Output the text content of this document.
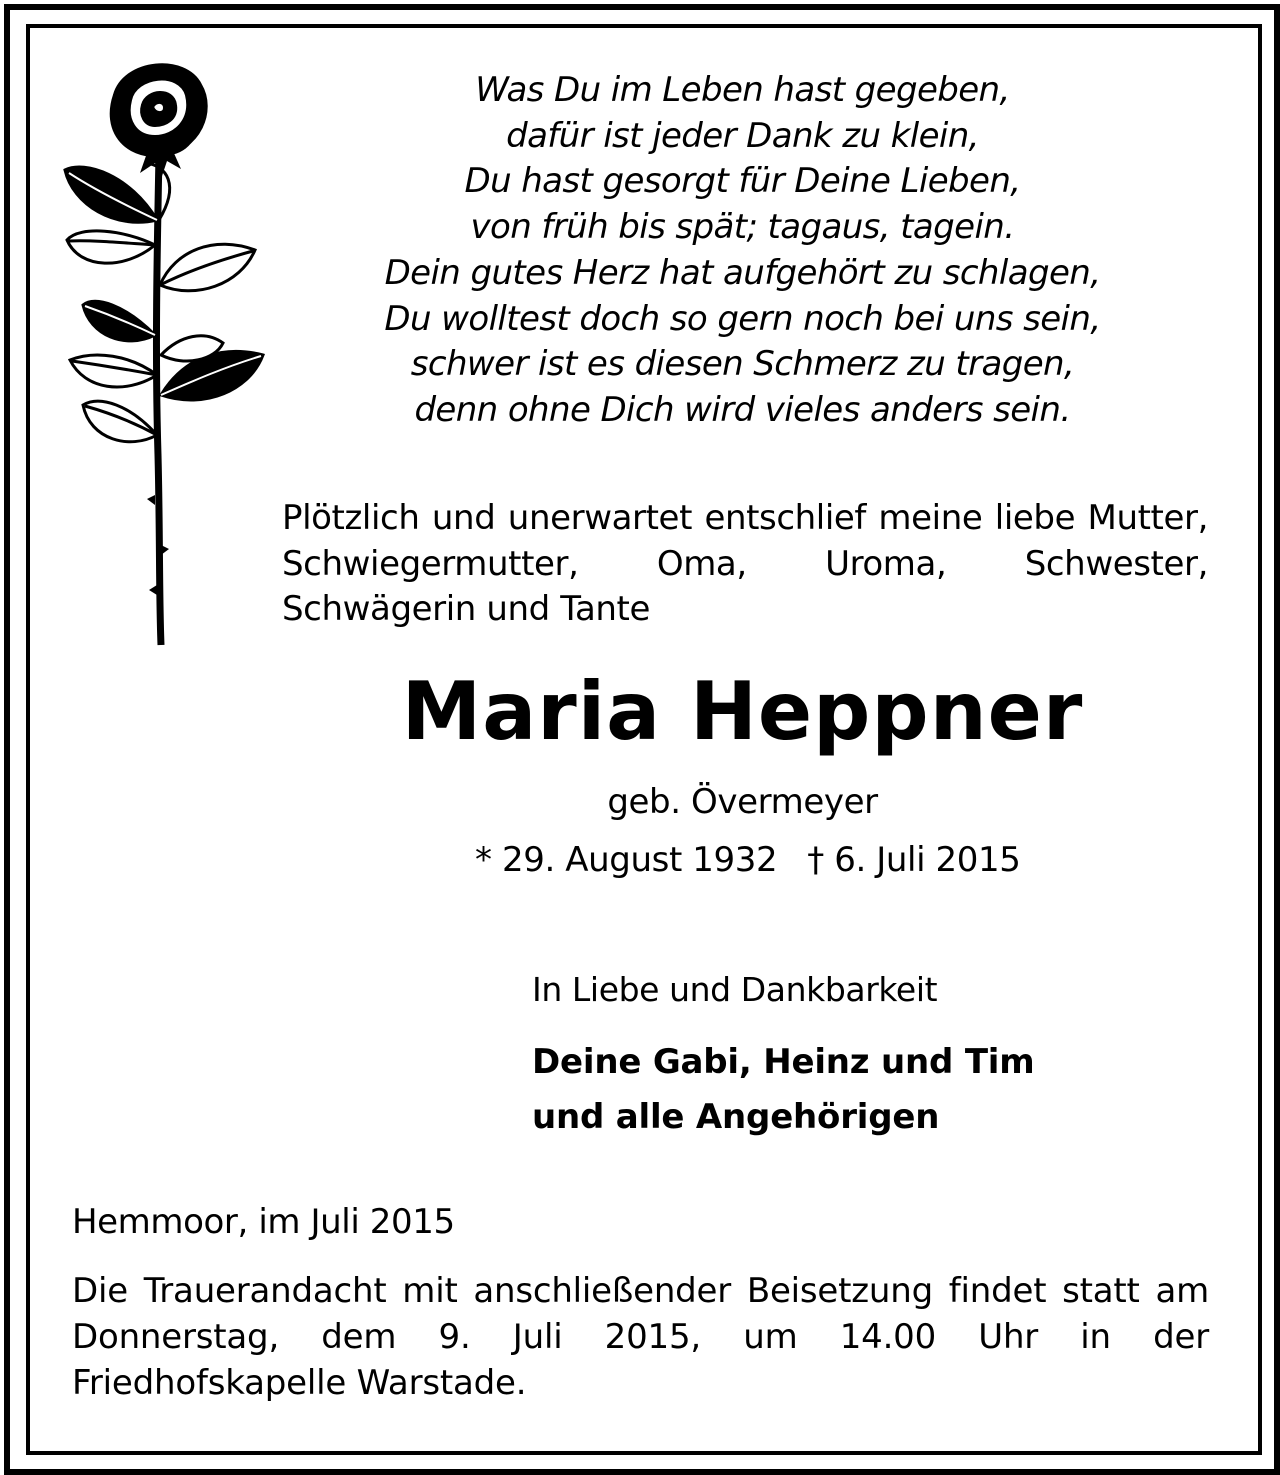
Was Du im Leben hast gegeben,
dafür ist jeder Dank zu klein,
Du hast gesorgt für Deine Lieben,
von früh bis spät; tagaus, tagein.
Dein gutes Herz hat aufgehört zu schlagen,
Du wolltest doch so gern noch bei uns sein,
schwer ist es diesen Schmerz zu tragen,
denn ohne Dich wird vieles anders sein.
Plötzlich und unerwartet entschlief meine liebe Mutter, Schwiegermutter, Oma, Uroma, Schwester, Schwägerin und Tante
Maria Heppner
geb. Övermeyer
* 29. August 1932 † 6. Juli 2015
In Liebe und Dankbarkeit
Deine Gabi, Heinz und Tim
und alle Angehörigen
Hemmoor, im Juli 2015
Die Trauerandacht mit anschließender Beisetzung findet statt am Donnerstag, dem 9. Juli 2015, um 14.00 Uhr in der Friedhofskapelle Warstade.
